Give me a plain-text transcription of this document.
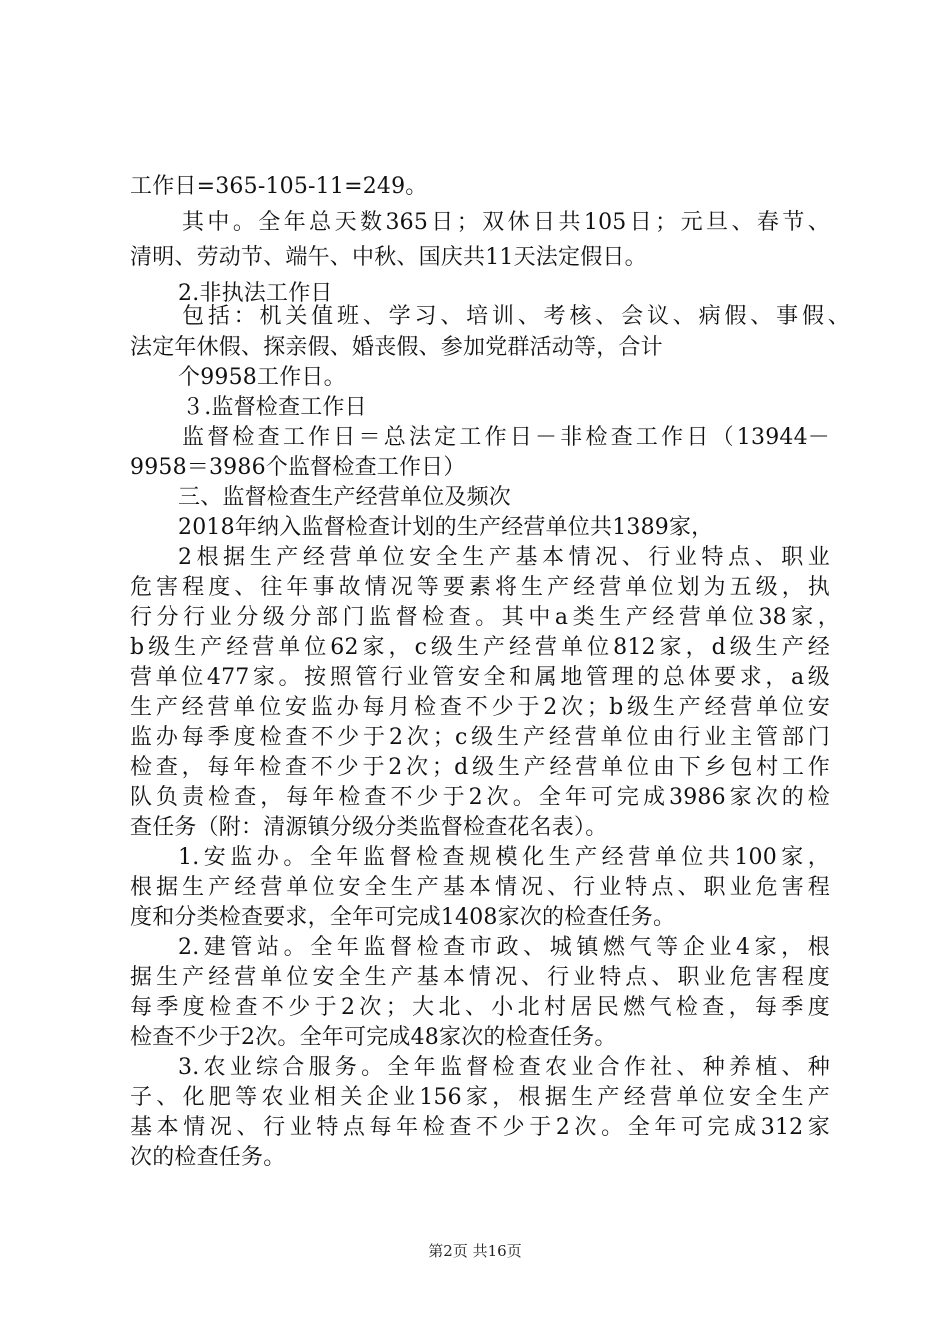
工作日=365-105-11=249。
其中。全年总天数365日；双休日共105日；元旦、春节、
清明、劳动节、端午、中秋、国庆共11天法定假日。
2.非执法工作日
包括：机关值班、学习、培训、考核、会议、病假、事假、
法定年休假、探亲假、婚丧假、参加党群活动等，合计
个9958工作日。
３.监督检查工作日
监督检查工作日＝总法定工作日－非检查工作日（13944－
9958＝3986个监督检查工作日）
三、监督检查生产经营单位及频次
2018年纳入监督检查计划的生产经营单位共1389家，
2根据生产经营单位安全生产基本情况、行业特点、职业
危害程度、往年事故情况等要素将生产经营单位划为五级，执
行分行业分级分部门监督检查。其中a类生产经营单位38家，
b级生产经营单位62家，c级生产经营单位812家，d级生产经
营单位477家。按照管行业管安全和属地管理的总体要求，a级
生产经营单位安监办每月检查不少于2次；b级生产经营单位安
监办每季度检查不少于2次；c级生产经营单位由行业主管部门
检查，每年检查不少于2次；d级生产经营单位由下乡包村工作
队负责检查，每年检查不少于2次。全年可完成3986家次的检
查任务（附：清源镇分级分类监督检查花名表）。
1.安监办。全年监督检查规模化生产经营单位共100家，
根据生产经营单位安全生产基本情况、行业特点、职业危害程
度和分类检查要求，全年可完成1408家次的检查任务。
2.建管站。全年监督检查市政、城镇燃气等企业4家，根
据生产经营单位安全生产基本情况、行业特点、职业危害程度
每季度检查不少于2次；大北、小北村居民燃气检查，每季度
检查不少于2次。全年可完成48家次的检查任务。
3.农业综合服务。全年监督检查农业合作社、种养植、种
子、化肥等农业相关企业156家，根据生产经营单位安全生产
基本情况、行业特点每年检查不少于2次。全年可完成312家
次的检查任务。
第2页 共16页
